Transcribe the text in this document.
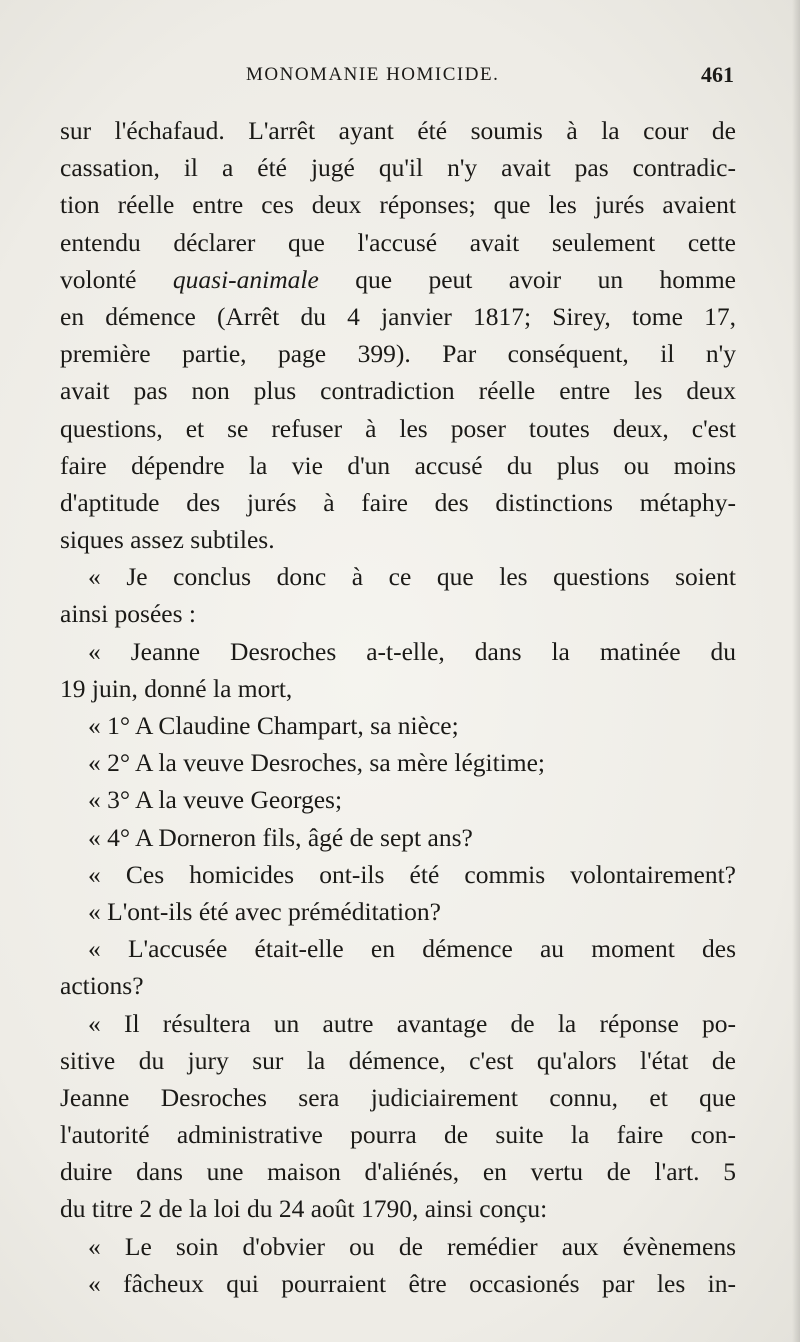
MONOMANIE HOMICIDE.	461
sur l'échafaud. L'arrêt ayant été soumis à la cour de
cassation, il a été jugé qu'il n'y avait pas contradic-
tion réelle entre ces deux réponses; que les jurés avaient
entendu déclarer que l'accusé avait seulement cette
volonté quasi-animale que peut avoir un homme
en démence (Arrêt du 4 janvier 1817; Sirey, tome 17,
première partie, page 399). Par conséquent, il n'y
avait pas non plus contradiction réelle entre les deux
questions, et se refuser à les poser toutes deux, c'est
faire dépendre la vie d'un accusé du plus ou moins
d'aptitude des jurés à faire des distinctions métaphy-
siques assez subtiles.
« Je conclus donc à ce que les questions soient
ainsi posées :
« Jeanne Desroches a-t-elle, dans la matinée du
19 juin, donné la mort,
« 1° A Claudine Champart, sa nièce;
« 2° A la veuve Desroches, sa mère légitime;
« 3° A la veuve Georges;
« 4° A Dorneron fils, âgé de sept ans?
« Ces homicides ont-ils été commis volontairement?
« L'ont-ils été avec préméditation?
« L'accusée était-elle en démence au moment des
actions?
« Il résultera un autre avantage de la réponse po-
sitive du jury sur la démence, c'est qu'alors l'état de
Jeanne Desroches sera judiciairement connu, et que
l'autorité administrative pourra de suite la faire con-
duire dans une maison d'aliénés, en vertu de l'art. 5
du titre 2 de la loi du 24 août 1790, ainsi conçu:
« Le soin d'obvier ou de remédier aux évènemens
« fâcheux qui pourraient être occasionés par les in-
